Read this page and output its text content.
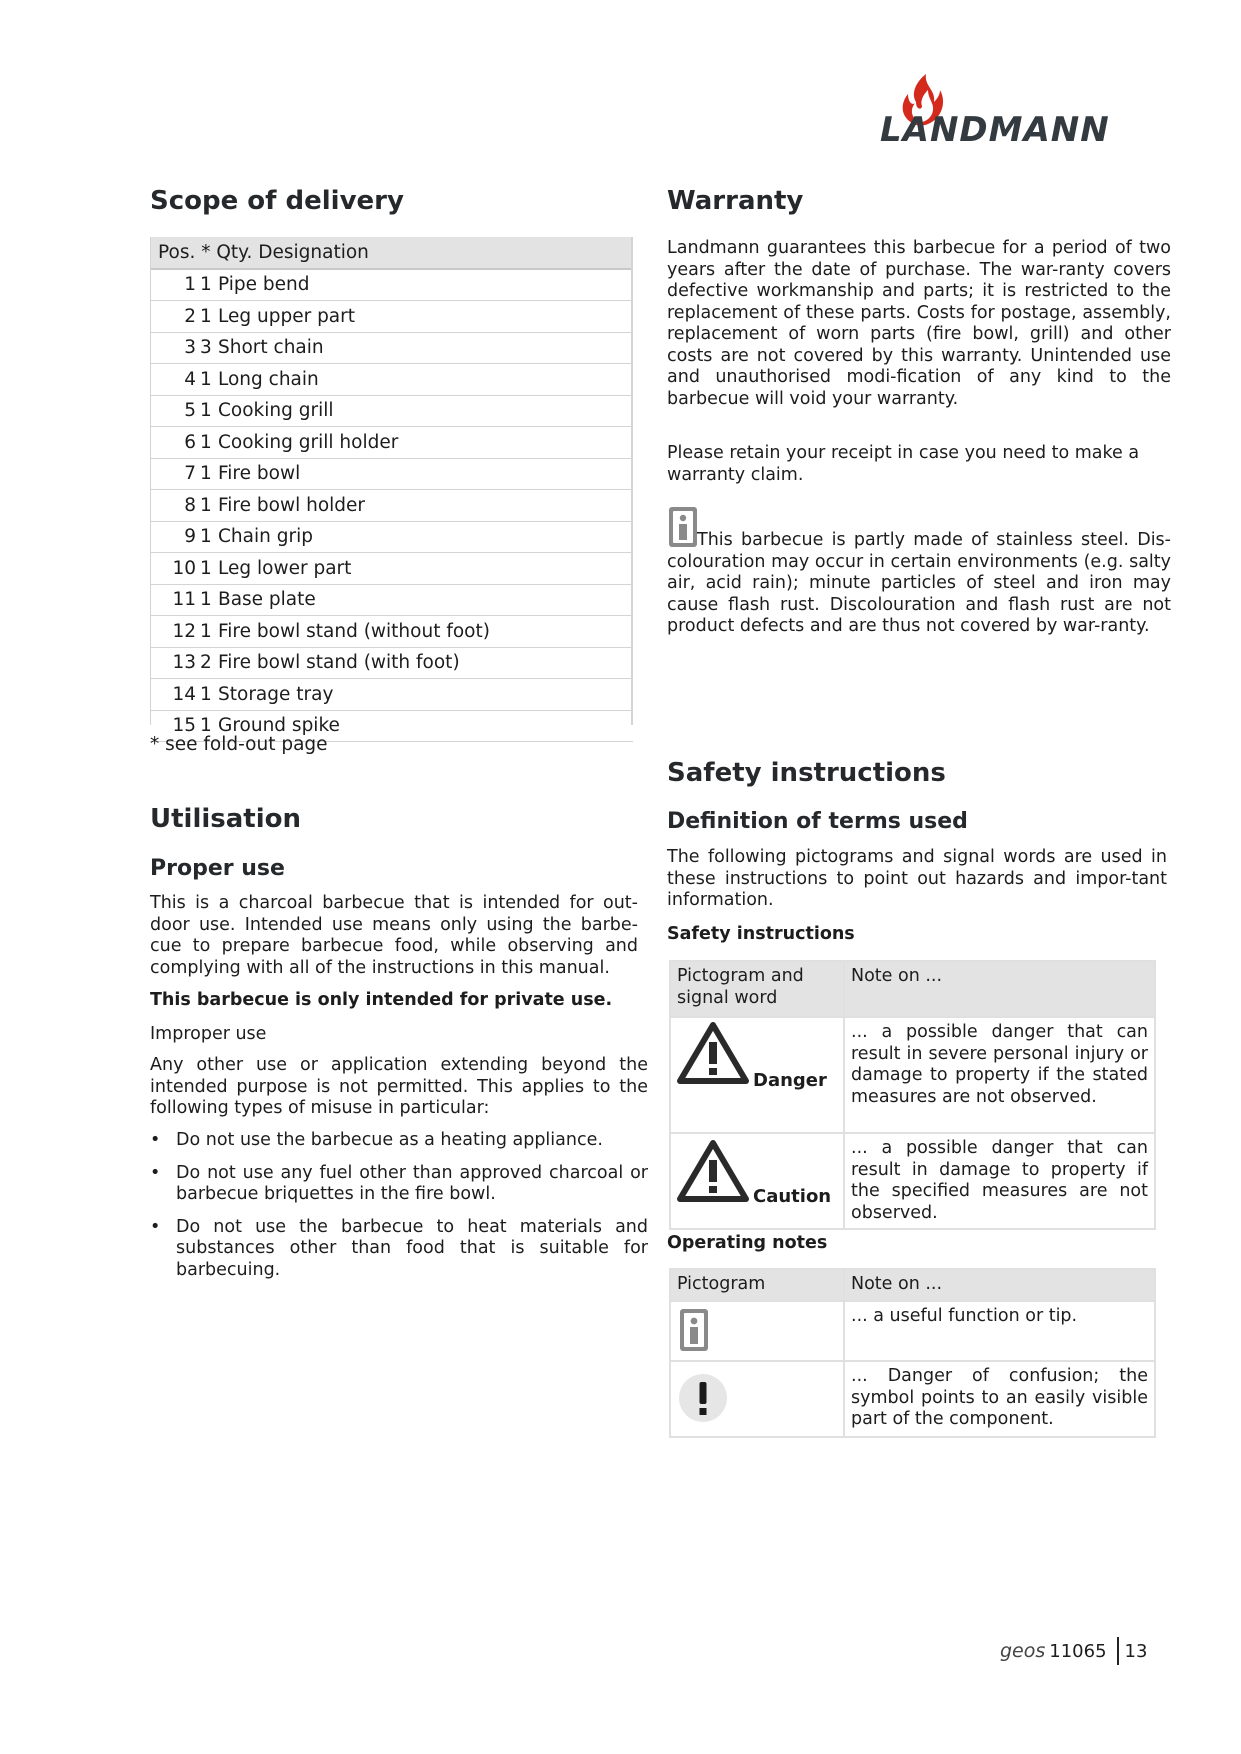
LANDMANN
Scope of delivery
Pos. * Qty. Designation		
1	1	Pipe bend
2	1	Leg upper part
3	3	Short chain
4	1	Long chain
5	1	Cooking grill
6	1	Cooking grill holder
7	1	Fire bowl
8	1	Fire bowl holder
9	1	Chain grip
10	1	Leg lower part
11	1	Base plate
12	1	Fire bowl stand (without foot)
13	2	Fire bowl stand (with foot)
14	1	Storage tray
15	1	Ground spike

* see fold-out page

Utilisation
Proper use

This is a charcoal barbecue that is intended for out-door use. Intended use means only using the barbe-cue to prepare barbecue food, while observing and complying with all of the instructions in this manual.

This barbecue is only intended for private use.

Improper use

Any other use or application extending beyond the intended purpose is not permitted. This applies to the following types of misuse in particular:

• Do not use the barbecue as a heating appliance.
• Do not use any fuel other than approved charcoal or barbecue briquettes in the fire bowl.
• Do not use the barbecue to heat materials and substances other than food that is suitable for barbecuing.
Warranty

Landmann guarantees this barbecue for a period of two years after the date of purchase. The war-ranty covers defective workmanship and parts; it is restricted to the replacement of these parts. Costs for postage, assembly, replacement of worn parts (fire bowl, grill) and other costs are not covered by this warranty. Unintended use and unauthorised modi-fication of any kind to the barbecue will void your warranty.

Please retain your receipt in case you need to make a warranty claim.

This barbecue is partly made of stainless steel. Dis-colouration may occur in certain environments (e.g. salty air, acid rain); minute particles of steel and iron may cause flash rust. Discolouration and flash rust are not product defects and are thus not covered by war-ranty.

Safety instructions
Definition of terms used

The following pictograms and signal words are used in these instructions to point out hazards and impor-tant information.

Safety instructions

Pictogram and signal word	Note on ...

Danger	... a possible danger that can result in severe personal injury or damage to property if the stated measures are not observed.

Caution	... a possible danger that can result in damage to property if the specified measures are not observed.

Operating notes

Pictogram	Note on ...

	... a useful function or tip.

	... Danger of confusion; the symbol points to an easily visible part of the component.
geos 11065 13
